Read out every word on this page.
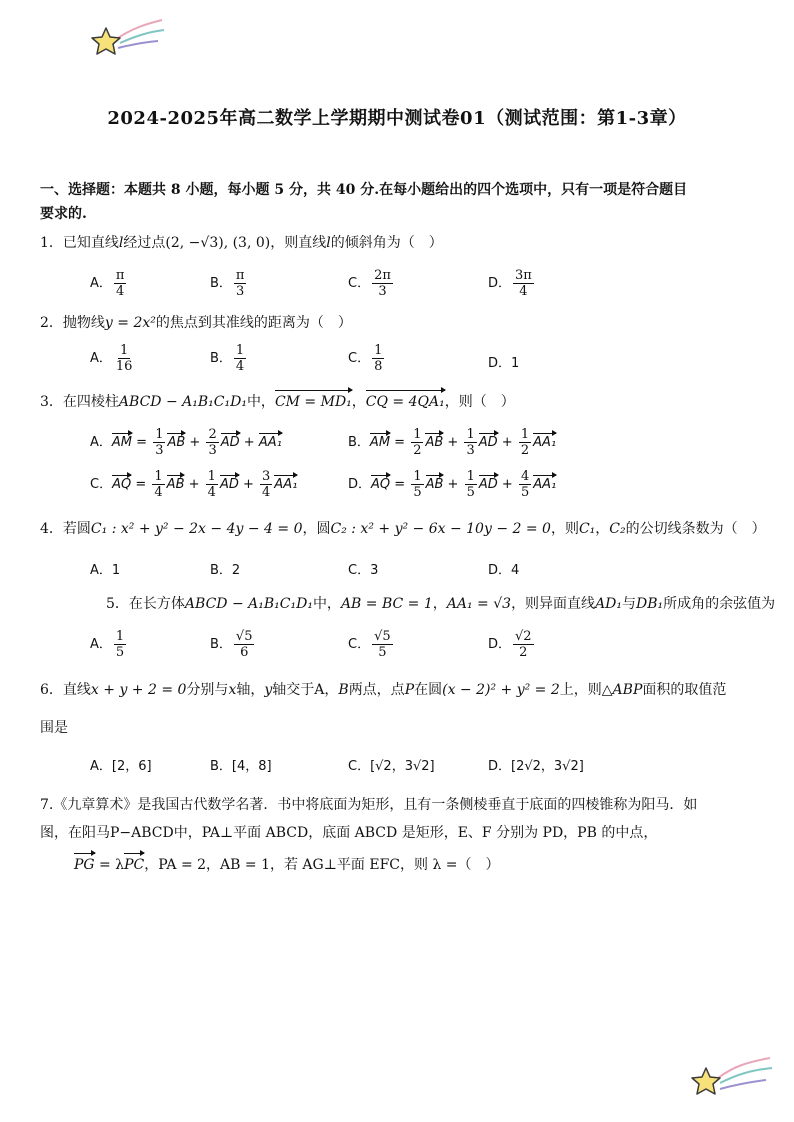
2024-2025年高二数学上学期期中测试卷01（测试范围：第1-3章）
一、选择题：本题共 8 小题，每小题 5 分，共 40 分.在每小题给出的四个选项中，只有一项是符合题目
要求的.
1．已知直线l经过点(2, −√3), (3, 0)，则直线l的倾斜角为（　）
A． $\frac{\pi}{4}$	B． $\frac{\pi}{3}$	C． $\frac{2\pi}{3}$	D． $\frac{3\pi}{4}$
2．抛物线y = 2x²的焦点到其准线的距离为（　）
A． $\frac{1}{16}$	B． $\frac{1}{4}$	C． $\frac{1}{8}$	D．1
3．在四棱柱ABCD − A₁B₁C₁D₁中，CM = MD₁，CQ = 4QA₁，则（　）
A．AM = $\frac{1}{3}$ AB + $\frac{2}{3}$ AD + AA₁	B．AM = $\frac{1}{2}$ AB + $\frac{1}{3}$ AD + $\frac{1}{2} AA_1$
C．AQ = $\frac{1}{4}$ AB + $\frac{1}{4}$ AD + $\frac{3}{4} AA_1$	D．AQ = $\frac{1}{5}$ AB + $\frac{1}{5}$ AD + $\frac{4}{5} AA_1$
4．若圆C₁ : x² + y² − 2x − 4y − 4 = 0，圆C₂ : x² + y² − 6x − 10y − 2 = 0，则C₁，C₂的公切线条数为（　）
A．1	B．2	C．3	D．4
5．在长方体ABCD − A₁B₁C₁D₁中，AB = BC = 1，AA₁ = √3，则异面直线AD₁与DB₁所成角的余弦值为
A． $\frac{1}{5}$	B． $\frac{√5}{6}$	C． $\frac{√5}{5}$	D． $\frac{√2}{2}$
6．直线x + y + 2 = 0分别与x轴，y轴交于A，B两点，点P在圆(x − 2)² + y² = 2上，则△ABP面积的取值范
围是
A．[2，6]	B．[4，8]	C．[√2，3√2]	D．[2√2，3√2]
7.《九章算术》是我国古代数学名著．书中将底面为矩形，且有一条侧棱垂直于底面的四棱锥称为阳马．如
图，在阳马P−ABCD中，PA⊥平面 ABCD，底面 ABCD 是矩形，E、F 分别为 PD，PB 的中点，
PG = λPC，PA = 2，AB = 1，若 AG⊥平面 EFC，则 λ =（　）
